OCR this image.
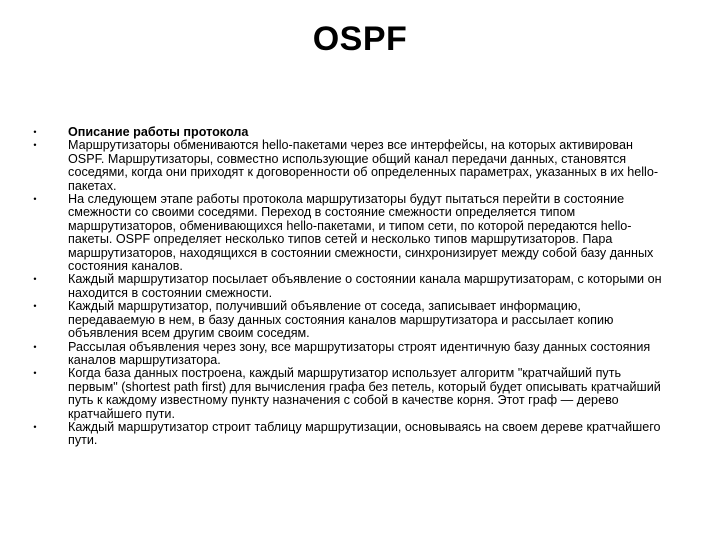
OSPF
• Описание работы протокола
• Маршрутизаторы обмениваются hello-пакетами через все интерфейсы, на которых активирован OSPF. Маршрутизаторы, совместно использующие общий канал передачи данных, становятся соседями, когда они приходят к договоренности об определенных параметрах, указанных в их hello-пакетах.
• На следующем этапе работы протокола маршрутизаторы будут пытаться перейти в состояние смежности со своими соседями. Переход в состояние смежности определяется типом маршрутизаторов, обменивающихся hello-пакетами, и типом сети, по которой передаются hello-пакеты. OSPF определяет несколько типов сетей и несколько типов маршрутизаторов. Пара маршрутизаторов, находящихся в состоянии смежности, синхронизирует между собой базу данных состояния каналов.
• Каждый маршрутизатор посылает объявление о состоянии канала маршрутизаторам, с которыми он находится в состоянии смежности.
• Каждый маршрутизатор, получивший объявление от соседа, записывает информацию, передаваемую в нем, в базу данных состояния каналов маршрутизатора и рассылает копию объявления всем другим своим соседям.
• Рассылая объявления через зону, все маршрутизаторы строят идентичную базу данных состояния каналов маршрутизатора.
• Когда база данных построена, каждый маршрутизатор использует алгоритм "кратчайший путь первым" (shortest path first) для вычисления графа без петель, который будет описывать кратчайший путь к каждому известному пункту назначения с собой в качестве корня. Этот граф — дерево кратчайшего пути.
• Каждый маршрутизатор строит таблицу маршрутизации, основываясь на своем дереве кратчайшего пути.
